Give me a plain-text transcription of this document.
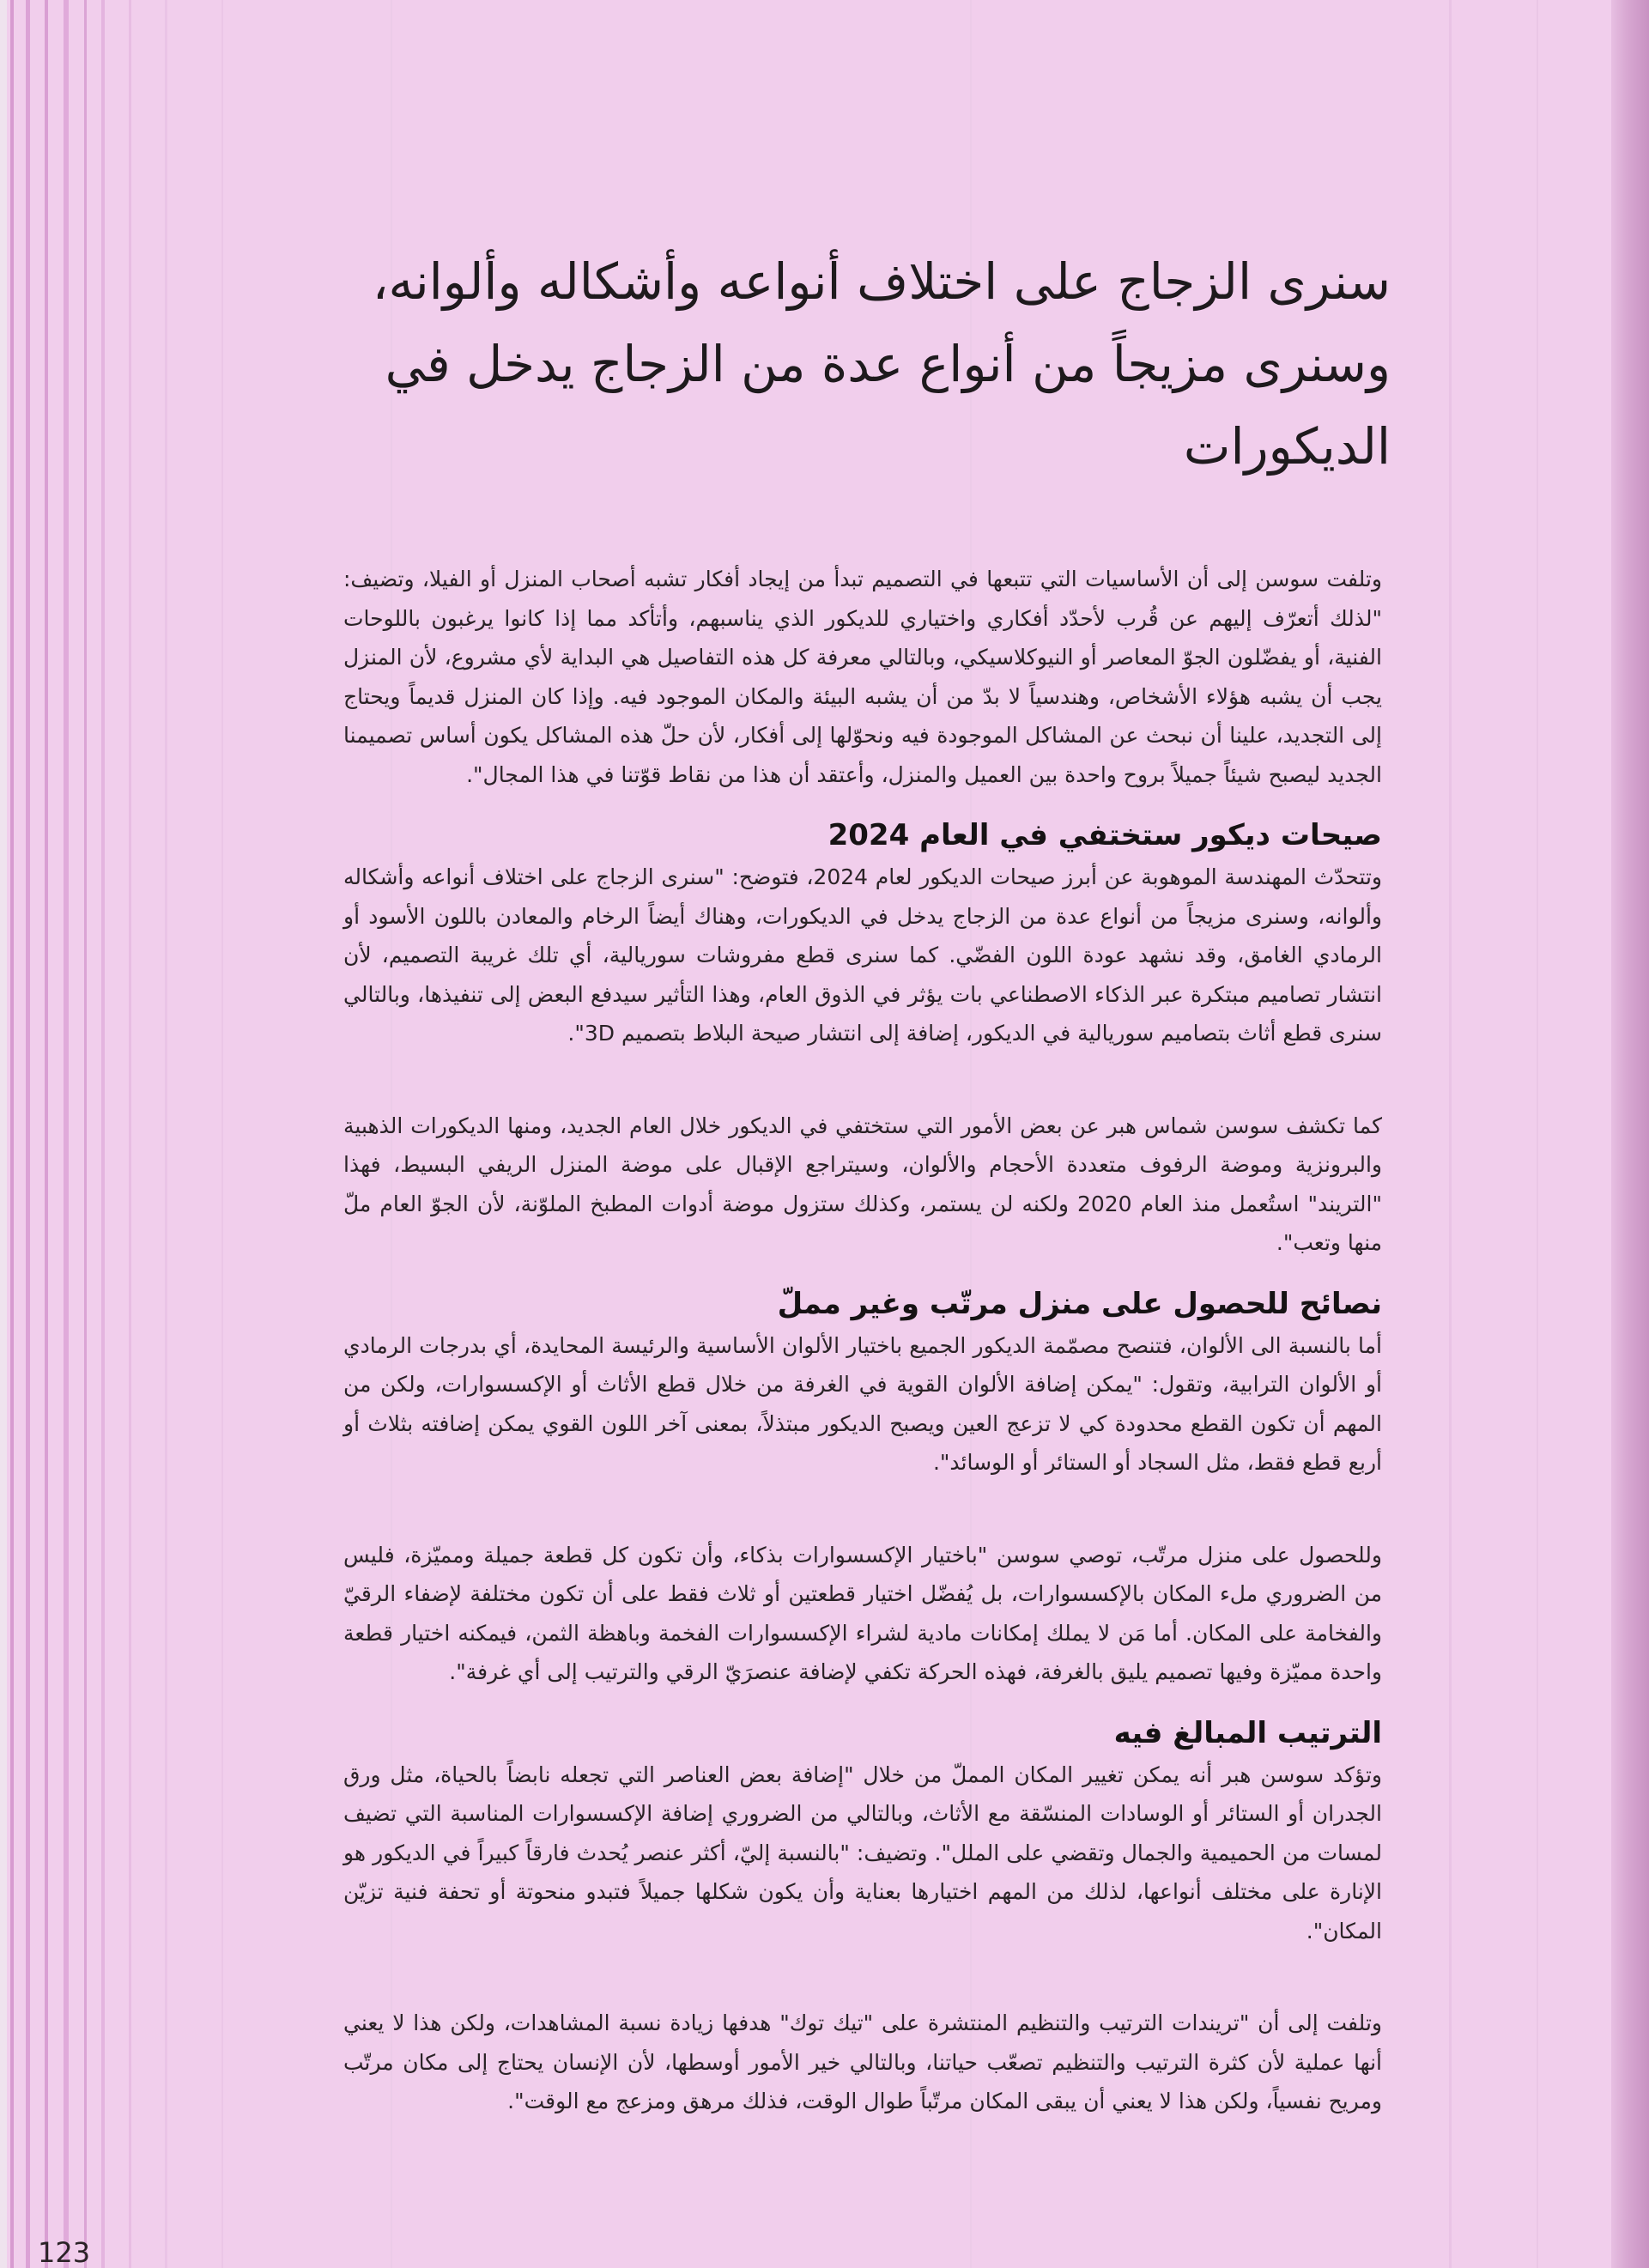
سنرى الزجاج على اختلاف أنواعه وأشكاله وألوانه، وسنرى مزيجاً من أنواع عدة من الزجاج يدخل في الديكورات

وتلفت سوسن إلى أن الأساسيات التي تتبعها في التصميم تبدأ من إيجاد أفكار تشبه أصحاب المنزل أو الفيلا، وتضيف: "لذلك أتعرّف إليهم عن قُرب لأحدّد أفكاري واختياري للديكور الذي يناسبهم، وأتأكد مما إذا كانوا يرغبون باللوحات الفنية، أو يفضّلون الجوّ المعاصر أو النيوكلاسيكي، وبالتالي معرفة كل هذه التفاصيل هي البداية لأي مشروع، لأن المنزل يجب أن يشبه هؤلاء الأشخاص، وهندسياً لا بدّ من أن يشبه البيئة والمكان الموجود فيه. وإذا كان المنزل قديماً ويحتاج إلى التجديد، علينا أن نبحث عن المشاكل الموجودة فيه ونحوّلها إلى أفكار، لأن حلّ هذه المشاكل يكون أساس تصميمنا الجديد ليصبح شيئاً جميلاً بروح واحدة بين العميل والمنزل، وأعتقد أن هذا من نقاط قوّتنا في هذا المجال".

صيحات ديكور ستختفي في العام 2024

وتتحدّث المهندسة الموهوبة عن أبرز صيحات الديكور لعام 2024، فتوضح: "سنرى الزجاج على اختلاف أنواعه وأشكاله وألوانه، وسنرى مزيجاً من أنواع عدة من الزجاج يدخل في الديكورات، وهناك أيضاً الرخام والمعادن باللون الأسود أو الرمادي الغامق، وقد نشهد عودة اللون الفضّي. كما سنرى قطع مفروشات سوريالية، أي تلك غريبة التصميم، لأن انتشار تصاميم مبتكرة عبر الذكاء الاصطناعي بات يؤثر في الذوق العام، وهذا التأثير سيدفع البعض إلى تنفيذها، وبالتالي سنرى قطع أثاث بتصاميم سوريالية في الديكور، إضافة إلى انتشار صيحة البلاط بتصميم 3D".

كما تكشف سوسن شماس هبر عن بعض الأمور التي ستختفي في الديكور خلال العام الجديد، ومنها الديكورات الذهبية والبرونزية وموضة الرفوف متعددة الأحجام والألوان، وسيتراجع الإقبال على موضة المنزل الريفي البسيط، فهذا "التريند" استُعمل منذ العام 2020 ولكنه لن يستمر، وكذلك ستزول موضة أدوات المطبخ الملوّنة، لأن الجوّ العام ملّ منها وتعب".

نصائح للحصول على منزل مرتّب وغير مملّ

أما بالنسبة الى الألوان، فتنصح مصمّمة الديكور الجميع باختيار الألوان الأساسية والرئيسة المحايدة، أي بدرجات الرمادي أو الألوان الترابية، وتقول: "يمكن إضافة الألوان القوية في الغرفة من خلال قطع الأثاث أو الإكسسوارات، ولكن من المهم أن تكون القطع محدودة كي لا تزعج العين ويصبح الديكور مبتذلاً، بمعنى آخر اللون القوي يمكن إضافته بثلاث أو أربع قطع فقط، مثل السجاد أو الستائر أو الوسائد".

وللحصول على منزل مرتّب، توصي سوسن "باختيار الإكسسوارات بذكاء، وأن تكون كل قطعة جميلة ومميّزة، فليس من الضروري ملء المكان بالإكسسوارات، بل يُفضّل اختيار قطعتين أو ثلاث فقط على أن تكون مختلفة لإضفاء الرقيّ والفخامة على المكان. أما مَن لا يملك إمكانات مادية لشراء الإكسسوارات الفخمة وباهظة الثمن، فيمكنه اختيار قطعة واحدة مميّزة وفيها تصميم يليق بالغرفة، فهذه الحركة تكفي لإضافة عنصرَيّ الرقي والترتيب إلى أي غرفة".

الترتيب المبالغ فيه

وتؤكد سوسن هبر أنه يمكن تغيير المكان المملّ من خلال "إضافة بعض العناصر التي تجعله نابضاً بالحياة، مثل ورق الجدران أو الستائر أو الوسادات المنسّقة مع الأثاث، وبالتالي من الضروري إضافة الإكسسوارات المناسبة التي تضيف لمسات من الحميمية والجمال وتقضي على الملل". وتضيف: "بالنسبة إليّ، أكثر عنصر يُحدث فارقاً كبيراً في الديكور هو الإنارة على مختلف أنواعها، لذلك من المهم اختيارها بعناية وأن يكون شكلها جميلاً فتبدو منحوتة أو تحفة فنية تزيّن المكان".

وتلفت إلى أن "تريندات الترتيب والتنظيم المنتشرة على "تيك توك" هدفها زيادة نسبة المشاهدات، ولكن هذا لا يعني أنها عملية لأن كثرة الترتيب والتنظيم تصعّب حياتنا، وبالتالي خير الأمور أوسطها، لأن الإنسان يحتاج إلى مكان مرتّب ومريح نفسياً، ولكن هذا لا يعني أن يبقى المكان مرتّباً طوال الوقت، فذلك مرهق ومزعج مع الوقت".

123
